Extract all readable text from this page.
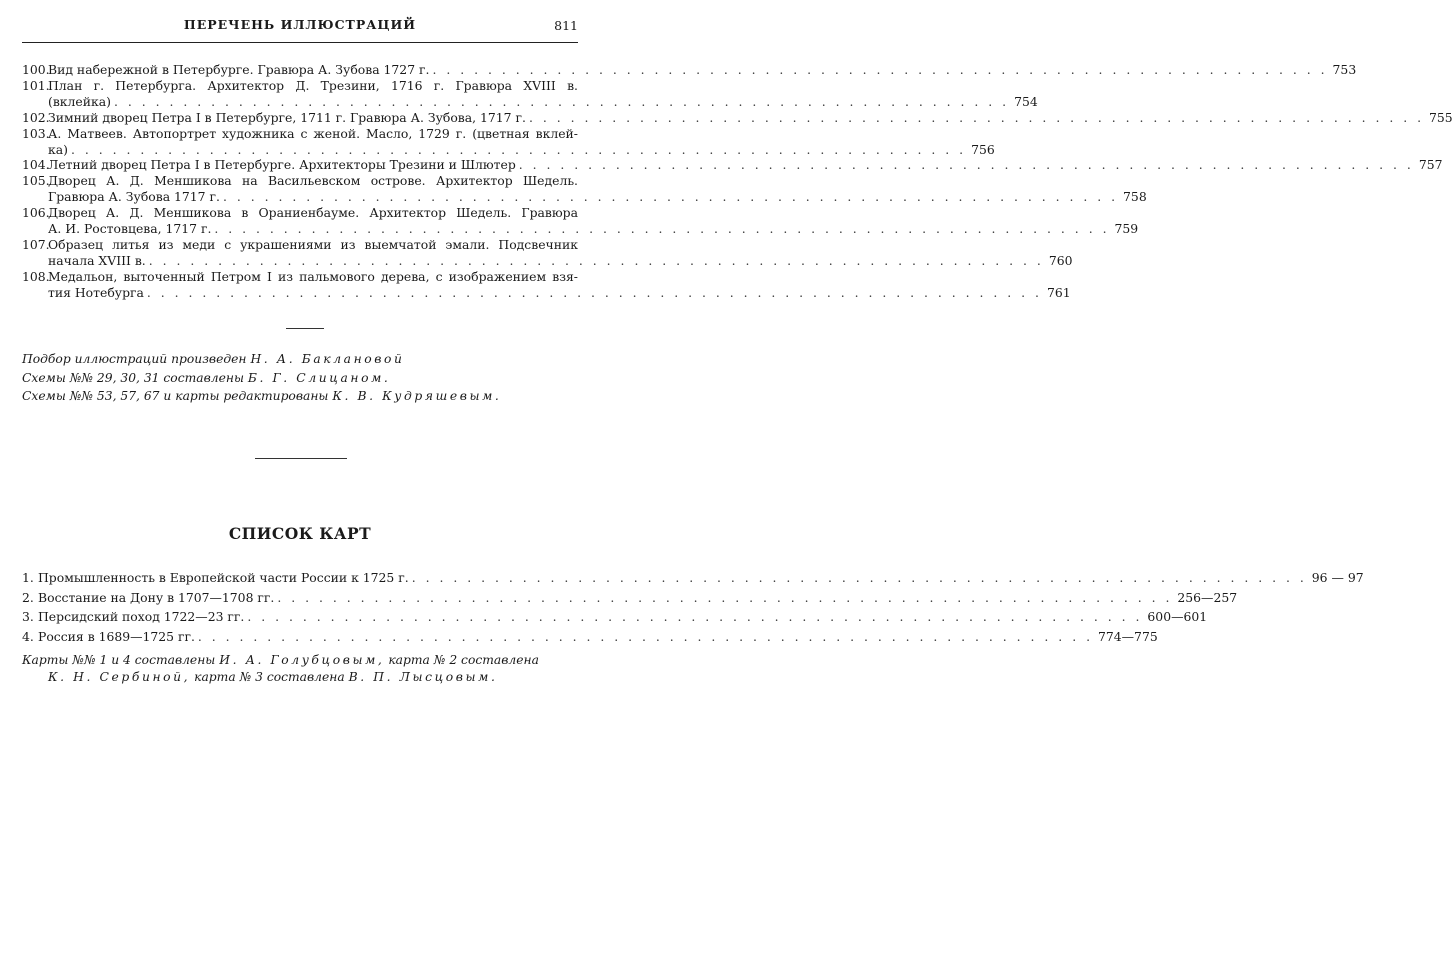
ПЕРЕЧЕНЬ ИЛЛЮСТРАЦИЙ	811
100.
Вид набережной в Петербурге. Гравюра А. Зубова 1727 г. . . . . . . . . . . . . . . . . . . . . . . . . . . . . . . . . . . . . . . . . . . . . . . . . . . . . . . . . . . . . . . . . . 753
101.
План г. Петербурга. Архитектор Д. Трезини, 1716 г. Гравюра XVIII в.
(вклейка) . . . . . . . . . . . . . . . . . . . . . . . . . . . . . . . . . . . . . . . . . . . . . . . . . . . . . . . . . . . . . . . . . 754
102.
Зимний дворец Петра I в Петербурге, 1711 г. Гравюра А. Зубова, 1717 г. . . . . . . . . . . . . . . . . . . . . . . . . . . . . . . . . . . . . . . . . . . . . . . . . . . . . . . . . . . . . . . . . . 755
103.
А. Матвеев. Автопортрет художника с женой. Масло, 1729 г. (цветная вклей-
ка) . . . . . . . . . . . . . . . . . . . . . . . . . . . . . . . . . . . . . . . . . . . . . . . . . . . . . . . . . . . . . . . . . 756
104.
Летний дворец Петра I в Петербурге. Архитекторы Трезини и Шлютер . . . . . . . . . . . . . . . . . . . . . . . . . . . . . . . . . . . . . . . . . . . . . . . . . . . . . . . . . . . . . . . . . 757
105.
Дворец А. Д. Меншикова на Васильевском острове. Архитектор Шедель.
Гравюра А. Зубова 1717 г. . . . . . . . . . . . . . . . . . . . . . . . . . . . . . . . . . . . . . . . . . . . . . . . . . . . . . . . . . . . . . . . . . 758
106.
Дворец А. Д. Меншикова в Ораниенбауме. Архитектор Шедель. Гравюра
А. И. Ростовцева, 1717 г. . . . . . . . . . . . . . . . . . . . . . . . . . . . . . . . . . . . . . . . . . . . . . . . . . . . . . . . . . . . . . . . . . 759
107.
Образец литья из меди с украшениями из выемчатой эмали. Подсвечник
начала XVIII в. . . . . . . . . . . . . . . . . . . . . . . . . . . . . . . . . . . . . . . . . . . . . . . . . . . . . . . . . . . . . . . . . . 760
108.
Медальон, выточенный Петром I из пальмового дерева, с изображением взя-
тия Нотебурга . . . . . . . . . . . . . . . . . . . . . . . . . . . . . . . . . . . . . . . . . . . . . . . . . . . . . . . . . . . . . . . . . 761
Подбор иллюстраций произведен Н. А. Баклановой
Схемы №№ 29, 30, 31 составлены Б. Г. Слицаном.
Схемы №№ 53, 57, 67 и карты редактированы К. В. Кудряшевым.
СПИСОК КАРТ
1. Промышленность в Европейской части России к 1725 г. . . . . . . . . . . . . . . . . . . . . . . . . . . . . . . . . . . . . . . . . . . . . . . . . . . . . . . . . . . . . . . . . . 96 — 97
2. Восстание на Дону в 1707—1708 гг. . . . . . . . . . . . . . . . . . . . . . . . . . . . . . . . . . . . . . . . . . . . . . . . . . . . . . . . . . . . . . . . . . 256—257
3. Персидский поход 1722—23 гг. . . . . . . . . . . . . . . . . . . . . . . . . . . . . . . . . . . . . . . . . . . . . . . . . . . . . . . . . . . . . . . . . . 600—601
4. Россия в 1689—1725 гг. . . . . . . . . . . . . . . . . . . . . . . . . . . . . . . . . . . . . . . . . . . . . . . . . . . . . . . . . . . . . . . . . . 774—775
Карты №№ 1 и 4 составлены И. А. Голубцовым, карта № 2 составлена
К. Н. Сербиной, карта № 3 составлена В. П. Лысцовым.
